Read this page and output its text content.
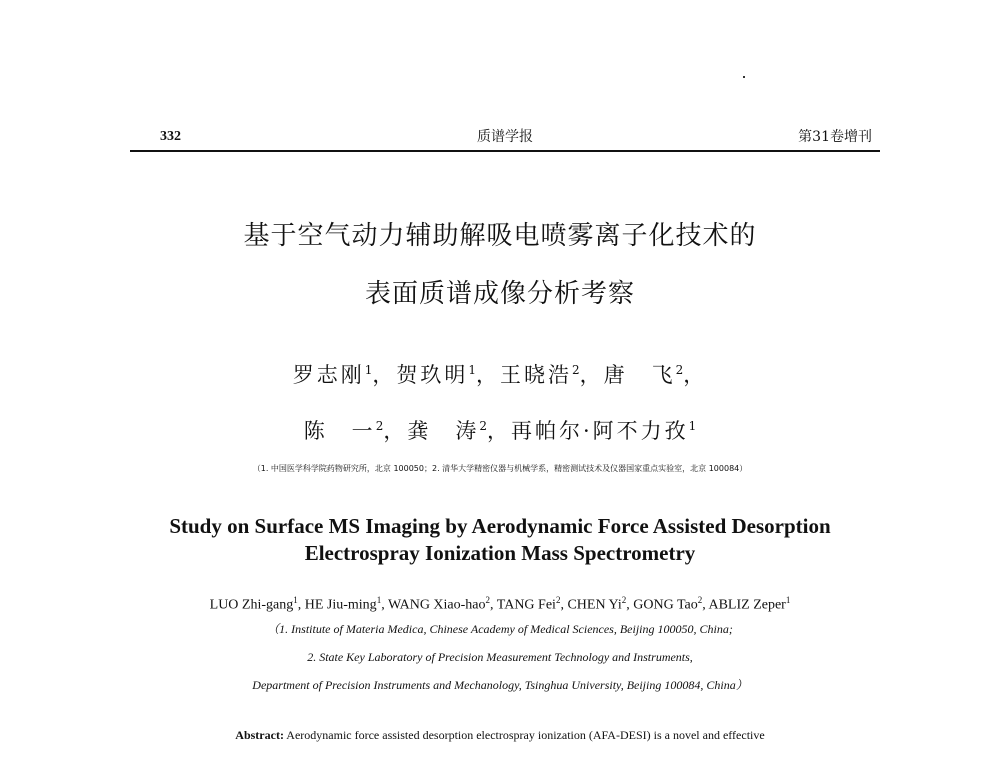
332	质谱学报	第31卷增刊
基于空气动力辅助解吸电喷雾离子化技术的
表面质谱成像分析考察
罗志刚$^1$，贺玖明$^1$，王晓浩$^2$，唐　飞$^2$，
陈　一$^2$，龚　涛$^2$，再帕尔·阿不力孜$^1$
（1. 中国医学科学院药物研究所，北京 100050；2. 清华大学精密仪器与机械学系，精密测试技术及仪器国家重点实验室，北京 100084）
Study on Surface MS Imaging by Aerodynamic Force Assisted Desorption
Electrospray Ionization Mass Spectrometry
LUO Zhi-gang$^1$, HE Jiu-ming$^1$, WANG Xiao-hao$^2$, TANG Fei$^2$, CHEN Yi$^2$, GONG Tao$^2$, ABLIZ Zeper$^1$
（1. Institute of Materia Medica, Chinese Academy of Medical Sciences, Beijing 100050, China;
2. State Key Laboratory of Precision Measurement Technology and Instruments,
Department of Precision Instruments and Mechanology, Tsinghua University, Beijing 100084, China）
Abstract: Aerodynamic force assisted desorption electrospray ionization (AFA-DESI) is a novel and effective
